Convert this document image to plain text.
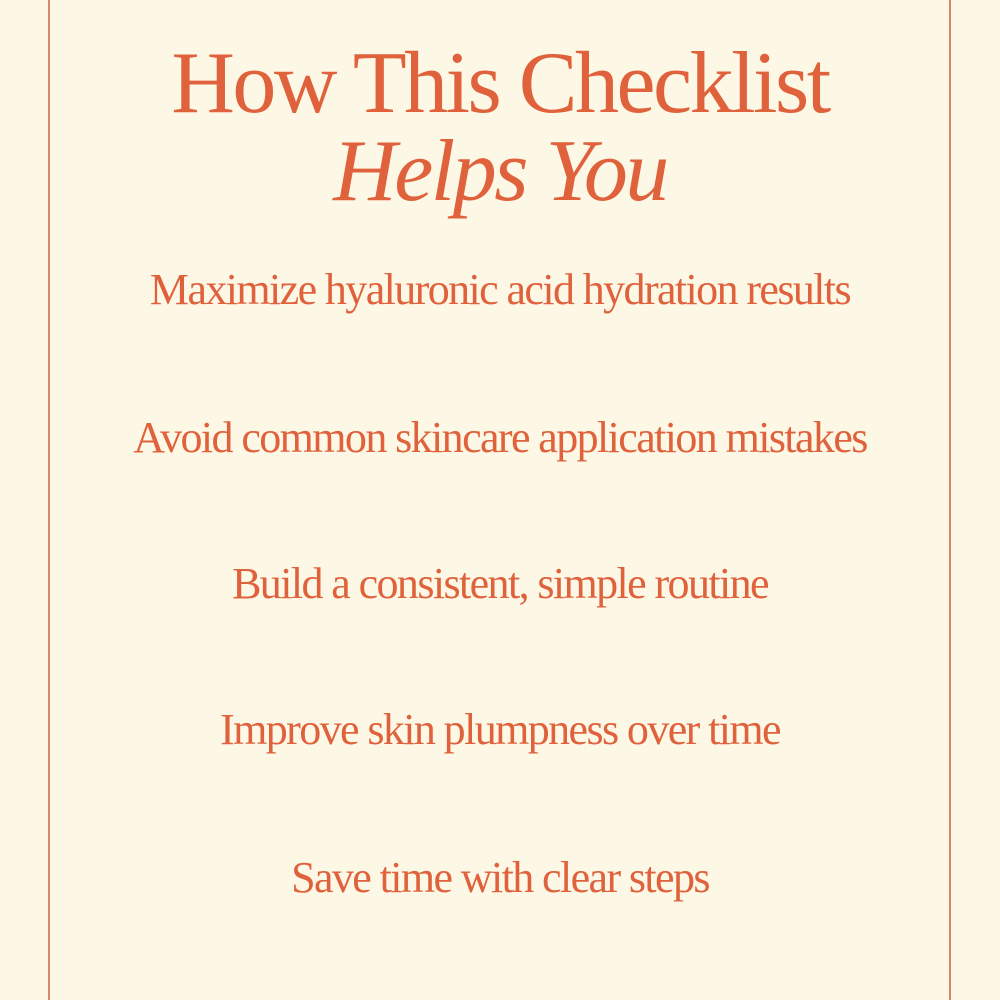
How This Checklist
Helps You
Maximize hyaluronic acid hydration results
Avoid common skincare application mistakes
Build a consistent, simple routine
Improve skin plumpness over time
Save time with clear steps
